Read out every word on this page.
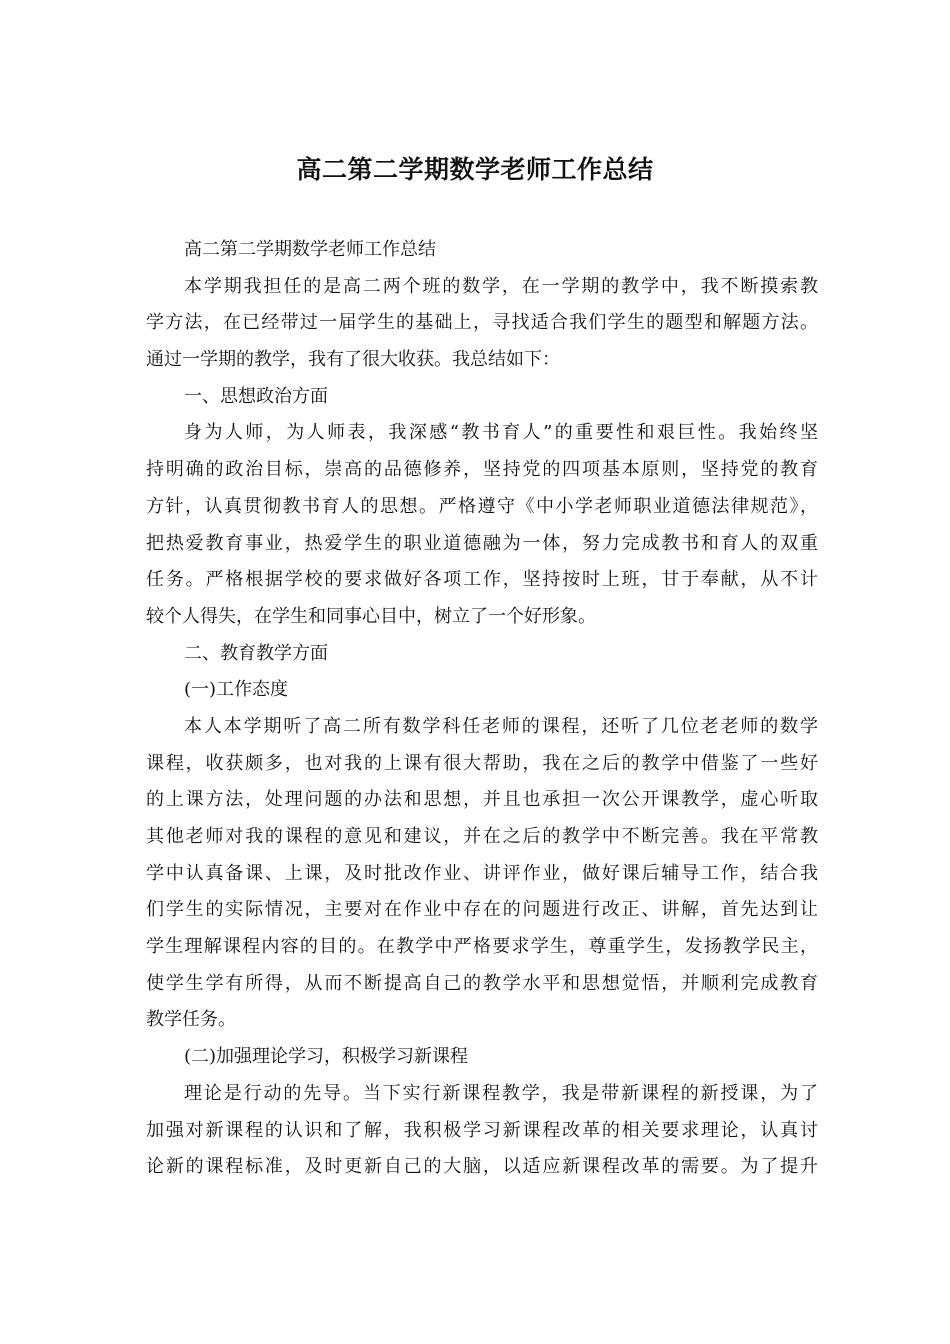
高二第二学期数学老师工作总结
高二第二学期数学老师工作总结
本学期我担任的是高二两个班的数学，在一学期的教学中，我不断摸索教
学方法，在已经带过一届学生的基础上，寻找适合我们学生的题型和解题方法。
通过一学期的教学，我有了很大收获。我总结如下：
一、思想政治方面
身为人师，为人师表，我深感“教书育人”的重要性和艰巨性。我始终坚
持明确的政治目标，崇高的品德修养，坚持党的四项基本原则，坚持党的教育
方针，认真贯彻教书育人的思想。严格遵守《中小学老师职业道德法律规范》，
把热爱教育事业，热爱学生的职业道德融为一体，努力完成教书和育人的双重
任务。严格根据学校的要求做好各项工作，坚持按时上班，甘于奉献，从不计
较个人得失，在学生和同事心目中，树立了一个好形象。
二、教育教学方面
(一)工作态度
本人本学期听了高二所有数学科任老师的课程，还听了几位老老师的数学
课程，收获颇多，也对我的上课有很大帮助，我在之后的教学中借鉴了一些好
的上课方法，处理问题的办法和思想，并且也承担一次公开课教学，虚心听取
其他老师对我的课程的意见和建议，并在之后的教学中不断完善。我在平常教
学中认真备课、上课，及时批改作业、讲评作业，做好课后辅导工作，结合我
们学生的实际情况，主要对在作业中存在的问题进行改正、讲解，首先达到让
学生理解课程内容的目的。在教学中严格要求学生，尊重学生，发扬教学民主，
使学生学有所得，从而不断提高自己的教学水平和思想觉悟，并顺利完成教育
教学任务。
(二)加强理论学习，积极学习新课程
理论是行动的先导。当下实行新课程教学，我是带新课程的新授课，为了
加强对新课程的认识和了解，我积极学习新课程改革的相关要求理论，认真讨
论新的课程标准，及时更新自己的大脑，以适应新课程改革的需要。为了提升
